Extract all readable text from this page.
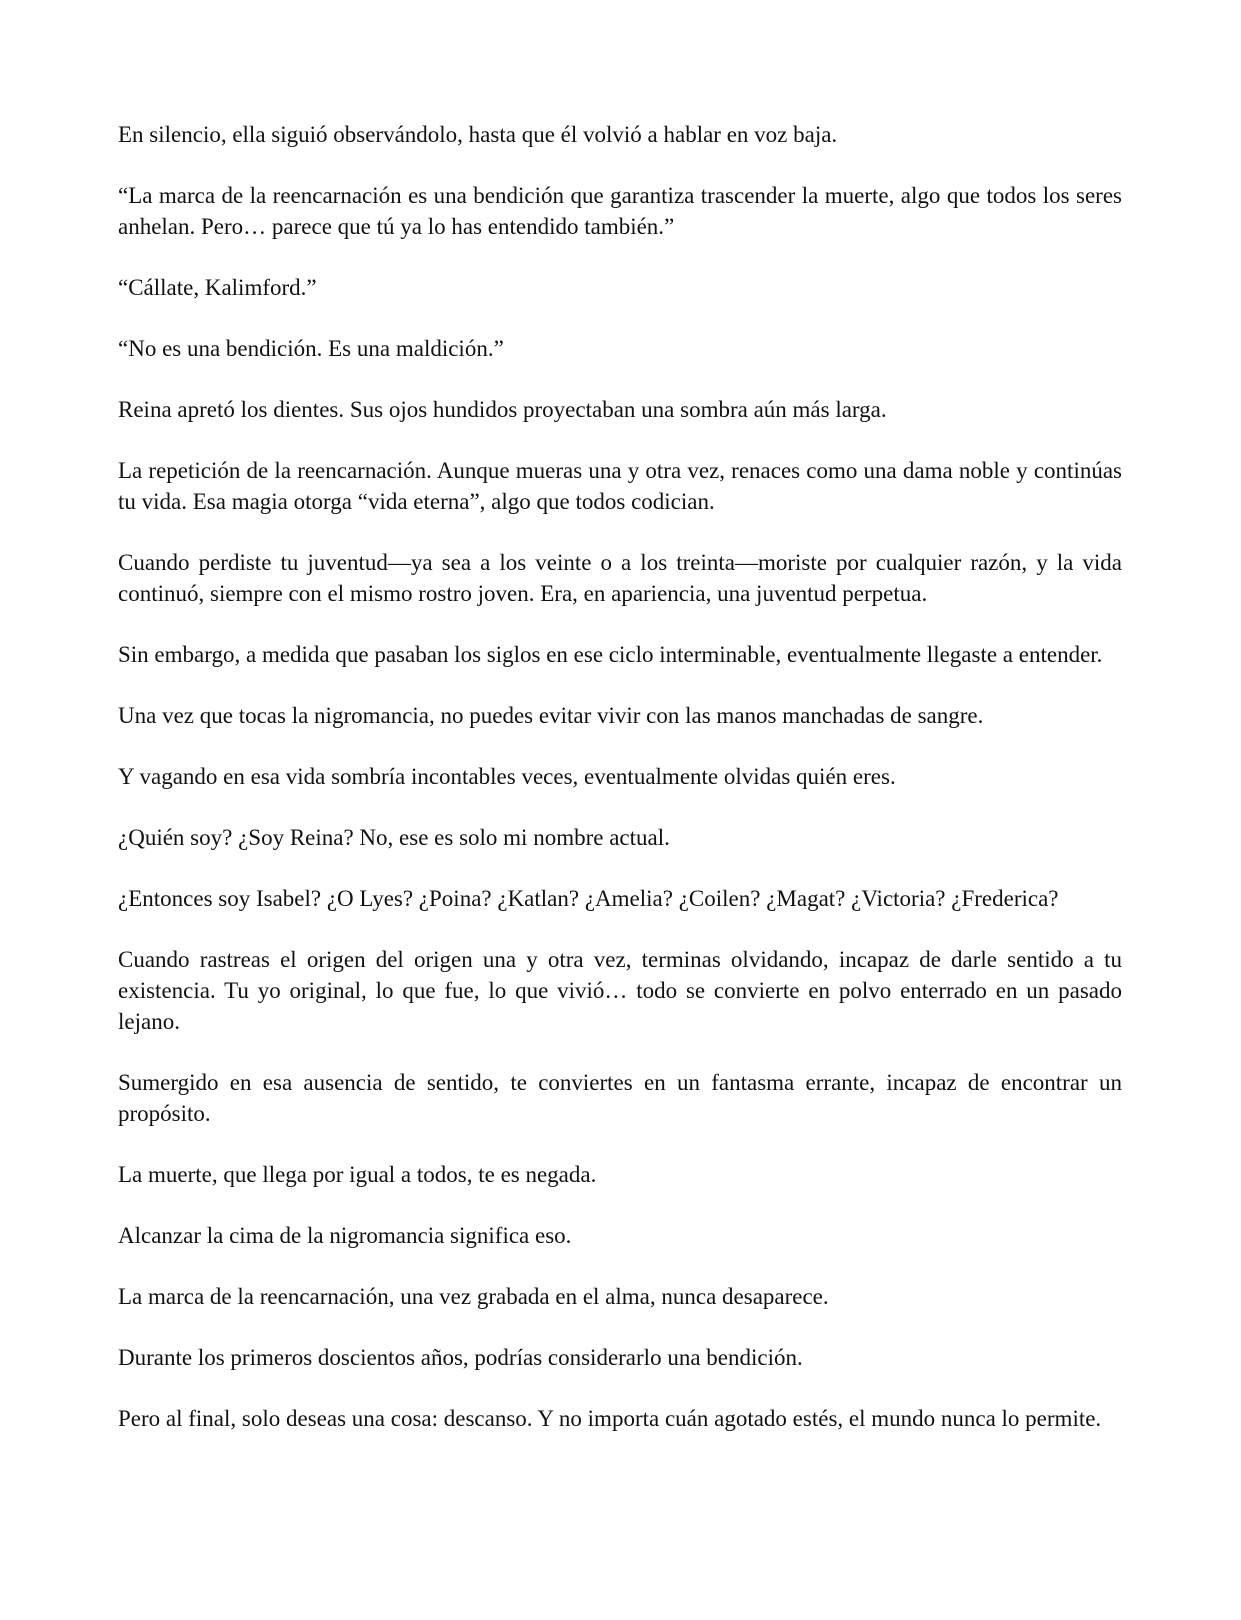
En silencio, ella siguió observándolo, hasta que él volvió a hablar en voz baja.

“La marca de la reencarnación es una bendición que garantiza trascender la muerte, algo que todos los seres anhelan. Pero… parece que tú ya lo has entendido también.”

“Cállate, Kalimford.”

“No es una bendición. Es una maldición.”

Reina apretó los dientes. Sus ojos hundidos proyectaban una sombra aún más larga.

La repetición de la reencarnación. Aunque mueras una y otra vez, renaces como una dama noble y continúas tu vida. Esa magia otorga “vida eterna”, algo que todos codician.

Cuando perdiste tu juventud—ya sea a los veinte o a los treinta—moriste por cualquier razón, y la vida continuó, siempre con el mismo rostro joven. Era, en apariencia, una juventud perpetua.

Sin embargo, a medida que pasaban los siglos en ese ciclo interminable, eventualmente llegaste a entender.

Una vez que tocas la nigromancia, no puedes evitar vivir con las manos manchadas de sangre.

Y vagando en esa vida sombría incontables veces, eventualmente olvidas quién eres.

¿Quién soy? ¿Soy Reina? No, ese es solo mi nombre actual.

¿Entonces soy Isabel? ¿O Lyes? ¿Poina? ¿Katlan? ¿Amelia? ¿Coilen? ¿Magat? ¿Victoria? ¿Frederica?

Cuando rastreas el origen del origen una y otra vez, terminas olvidando, incapaz de darle sentido a tu existencia. Tu yo original, lo que fue, lo que vivió… todo se convierte en polvo enterrado en un pasado lejano.

Sumergido en esa ausencia de sentido, te conviertes en un fantasma errante, incapaz de encontrar un propósito.

La muerte, que llega por igual a todos, te es negada.

Alcanzar la cima de la nigromancia significa eso.

La marca de la reencarnación, una vez grabada en el alma, nunca desaparece.

Durante los primeros doscientos años, podrías considerarlo una bendición.

Pero al final, solo deseas una cosa: descanso. Y no importa cuán agotado estés, el mundo nunca lo permite.
